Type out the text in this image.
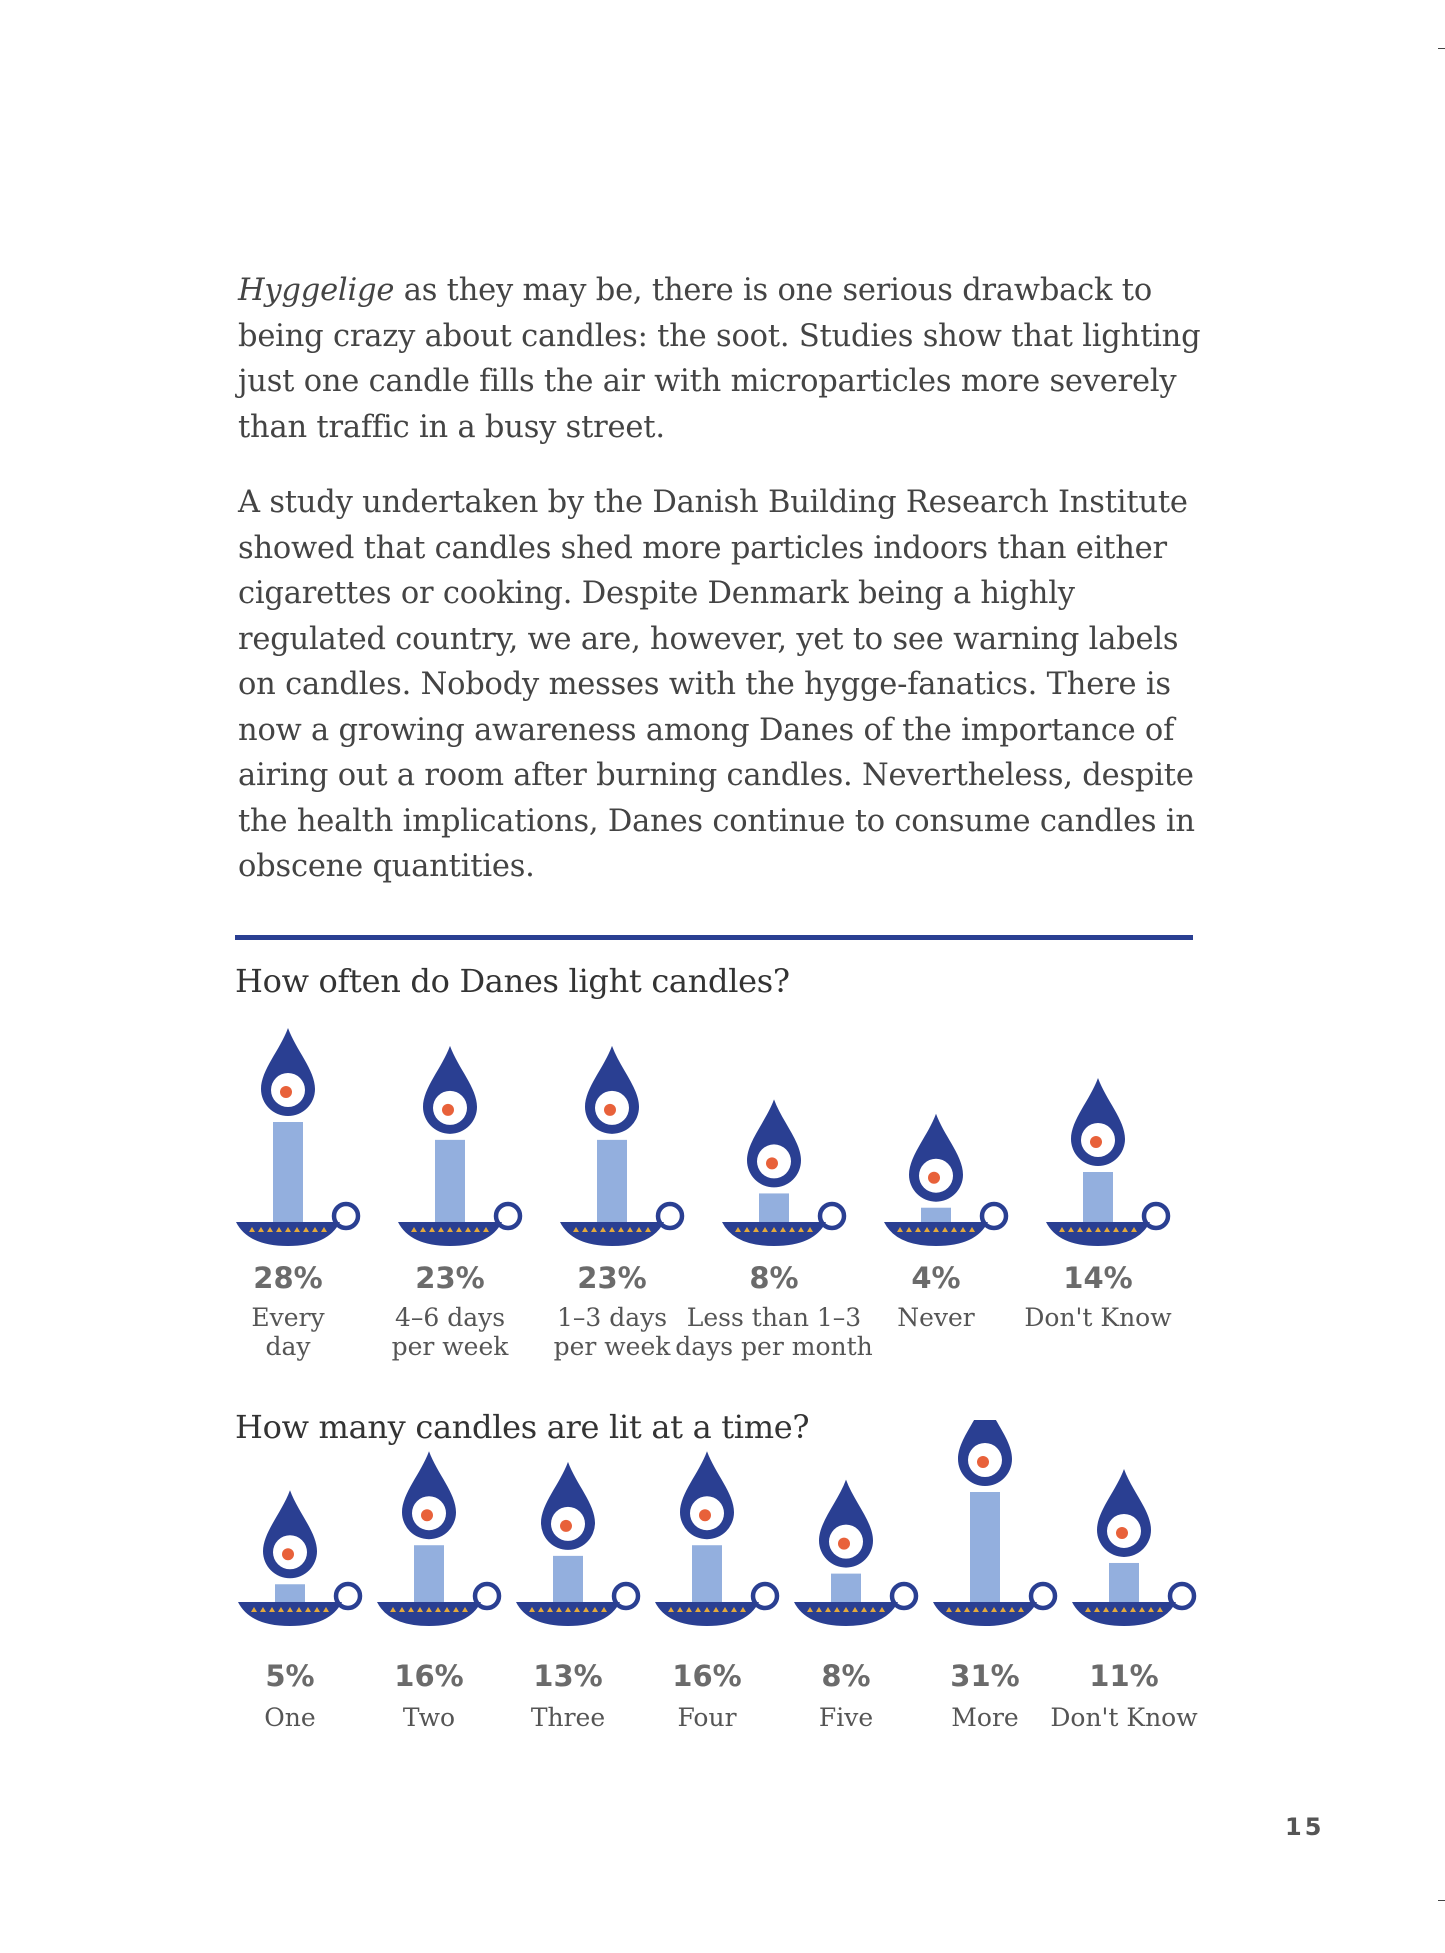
Hyggelige as they may be, there is one serious drawback to being crazy about candles: the soot. Studies show that lighting just one candle fills the air with microparticles more severely than traffic in a busy street.

A study undertaken by the Danish Building Research Institute showed that candles shed more particles indoors than either cigarettes or cooking. Despite Denmark being a highly regulated country, we are, however, yet to see warning labels on candles. Nobody messes with the hygge-fanatics. There is now a growing awareness among Danes of the importance of airing out a room after burning candles. Nevertheless, despite the health implications, Danes continue to consume candles in obscene quantities.

How often do Danes light candles?
28%
Every day
23%
4–6 days per week
23%
1–3 days per week
8%
Less than 1–3 days per month
4%
Never
14%
Don't Know
How many candles are lit at a time?
5%
One
16%
Two
13%
Three
16%
Four
8%
Five
31%
More
11%
Don't Know
15
